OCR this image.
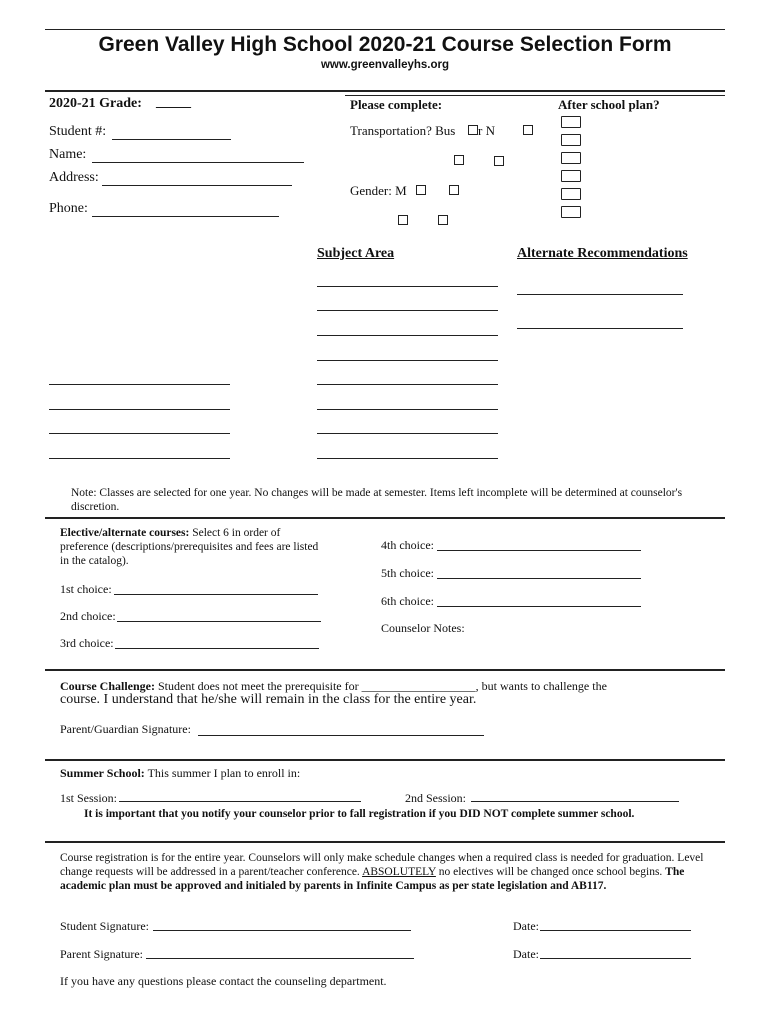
Green Valley High School 2020-21 Course Selection Form
www.greenvalleyhs.org
2020-21 Grade: _____
Student #:
Name:
Address:
Phone:
Please complete:
Transportation? Bus r N
Gender: M
After school plan?
Subject Area	Alternate Recommendations
Note: Classes are selected for one year. No changes will be made at semester. Items left incomplete will be determined at counselor's discretion.
Elective/alternate courses: Select 6 in order of preference (descriptions/prerequisites and fees are listed in the catalog).
1st choice:
2nd choice:
3rd choice:
4th choice:
5th choice:
6th choice:
Counselor Notes:
Course Challenge: Student does not meet the prerequisite for ___________________, but wants to challenge the
course. I understand that he/she will remain in the class for the entire year.
Parent/Guardian Signature:
Summer School: This summer I plan to enroll in:
1st Session:	2nd Session:
It is important that you notify your counselor prior to fall registration if you DID NOT complete summer school.
Course registration is for the entire year. Counselors will only make schedule changes when a required class is needed for graduation. Level change requests will be addressed in a parent/teacher conference. ABSOLUTELY no electives will be changed once school begins. The academic plan must be approved and initialed by parents in Infinite Campus as per state legislation and AB117.
Student Signature:	Date:
Parent Signature:	Date:
If you have any questions please contact the counseling department.
